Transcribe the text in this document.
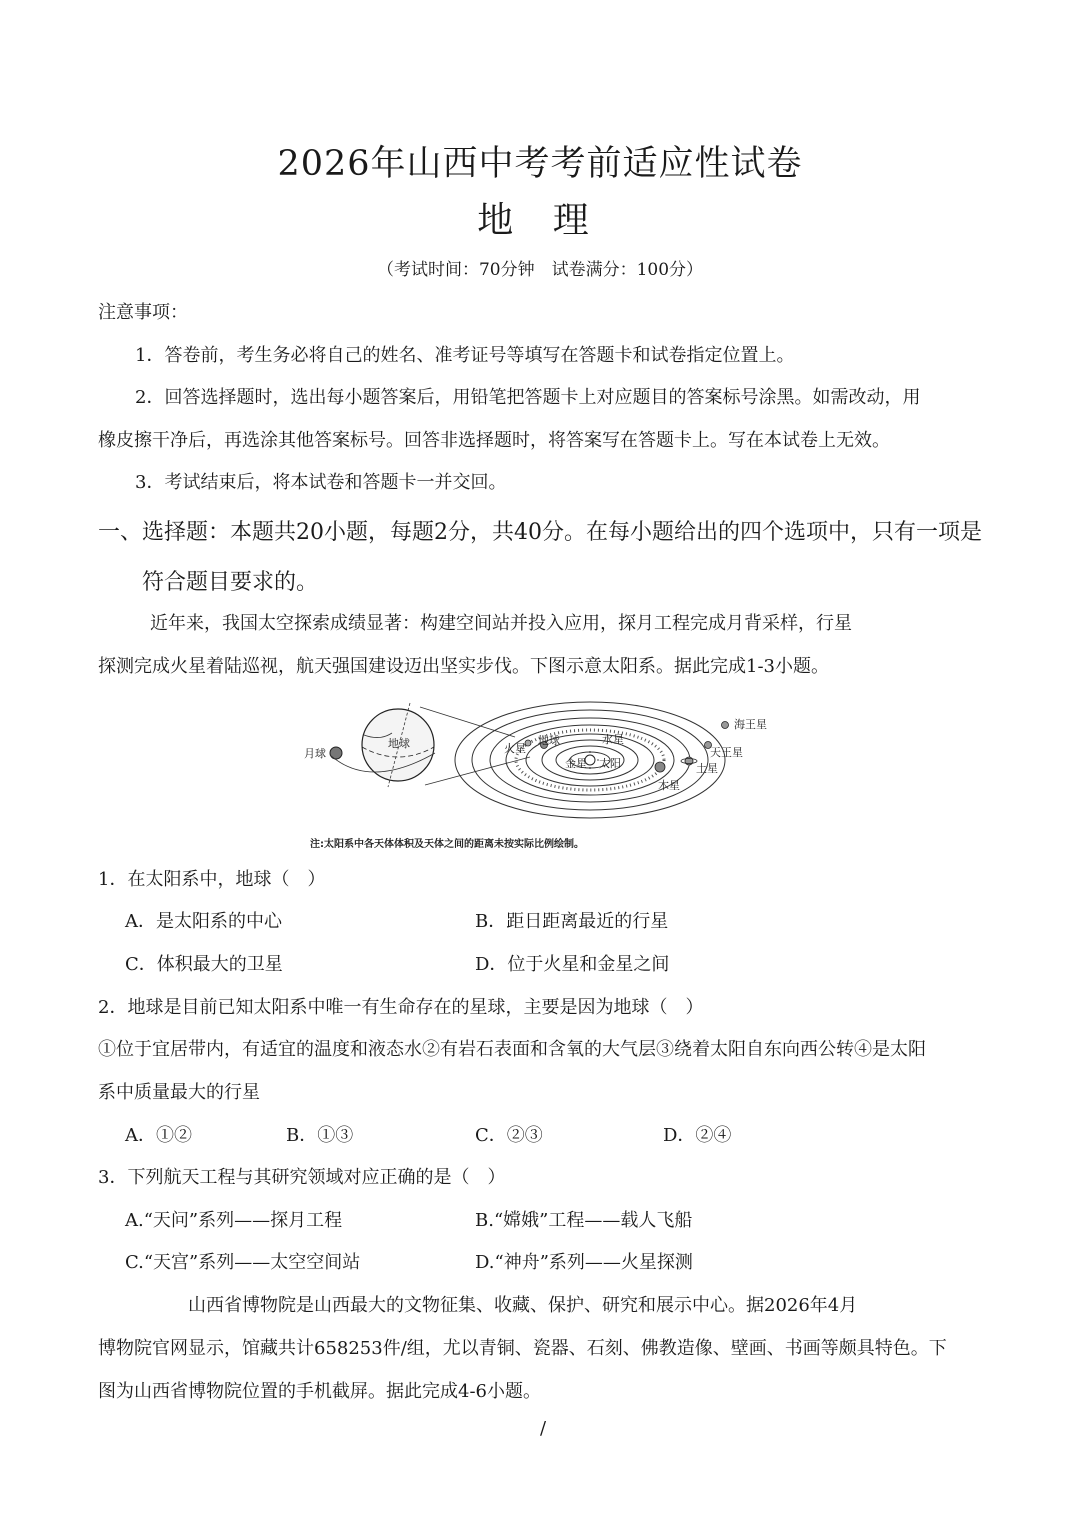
2026年山西中考考前适应性试卷
地 理
（考试时间：70分钟　试卷满分：100分）
注意事项：
1．答卷前，考生务必将自己的姓名、准考证号等填写在答题卡和试卷指定位置上。
2．回答选择题时，选出每小题答案后，用铅笔把答题卡上对应题目的答案标号涂黑。如需改动，用
橡皮擦干净后，再选涂其他答案标号。回答非选择题时，将答案写在答题卡上。写在本试卷上无效。
3．考试结束后，将本试卷和答题卡一并交回。
一、选择题：本题共20小题，每题2分，共40分。在每小题给出的四个选项中，只有一项是
符合题目要求的。
近年来，我国太空探索成绩显著：构建空间站并投入应用，探月工程完成月背采样，行星
探测完成火星着陆巡视，航天强国建设迈出坚实步伐。下图示意太阳系。据此完成1-3小题。
月球
地球
太阳
金星
水星
地球
火星
木星
土星
天王星
海王星
注:太阳系中各天体体积及天体之间的距离未按实际比例绘制。
1．在太阳系中，地球（　）
A．是太阳系的中心	B．距日距离最近的行星
C．体积最大的卫星	D．位于火星和金星之间
2．地球是目前已知太阳系中唯一有生命存在的星球，主要是因为地球（　）
①位于宜居带内，有适宜的温度和液态水②有岩石表面和含氧的大气层③绕着太阳自东向西公转④是太阳
系中质量最大的行星
A．①②	B．①③	C．②③	D．②④
3．下列航天工程与其研究领域对应正确的是（　）
A.“天问”系列——探月工程	B.“嫦娥”工程——载人飞船
C.“天宫”系列——太空空间站	D.“神舟”系列——火星探测
山西省博物院是山西最大的文物征集、收藏、保护、研究和展示中心。据2026年4月
博物院官网显示，馆藏共计658253件/组，尤以青铜、瓷器、石刻、佛教造像、壁画、书画等颇具特色。下
图为山西省博物院位置的手机截屏。据此完成4-6小题。
/
